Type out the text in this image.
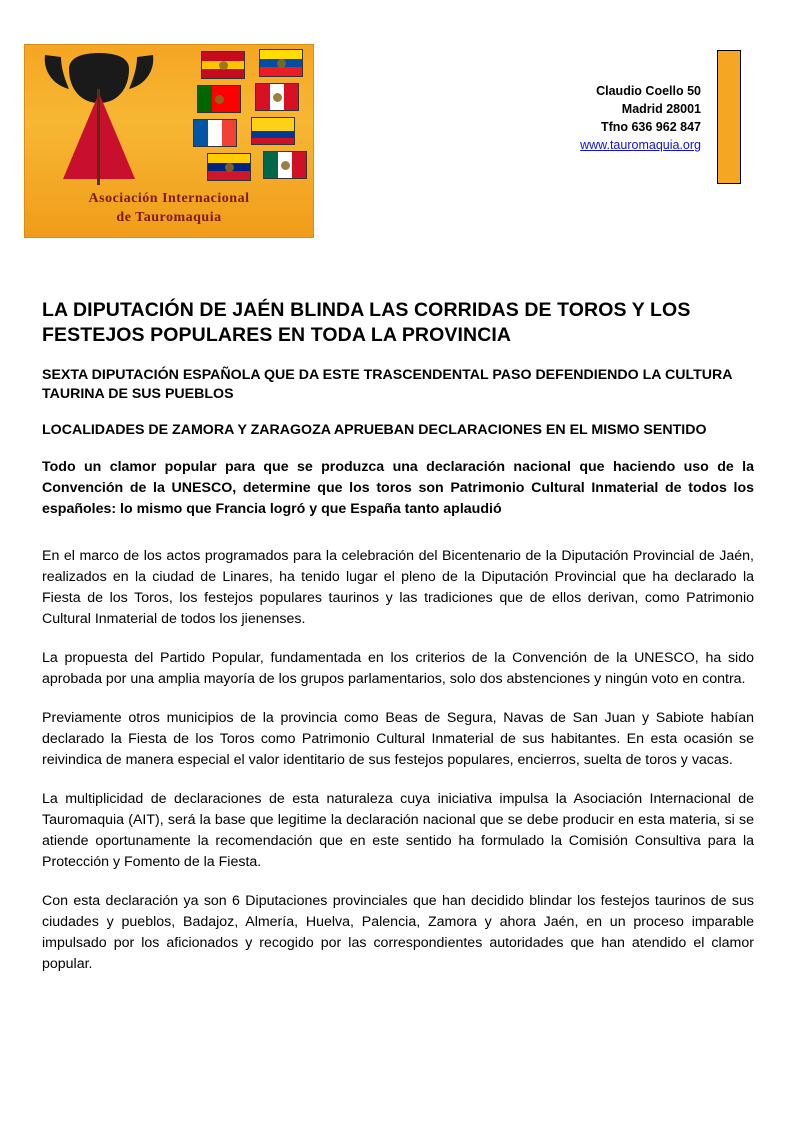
Asociación Internacional
de Tauromaquia
Claudio Coello 50
Madrid 28001
Tfno 636 962 847
www.tauromaquia.org
LA DIPUTACIÓN DE JAÉN BLINDA LAS CORRIDAS DE TOROS Y LOS FESTEJOS POPULARES EN TODA LA PROVINCIA

SEXTA DIPUTACIÓN ESPAÑOLA QUE DA ESTE TRASCENDENTAL PASO DEFENDIENDO LA CULTURA TAURINA DE SUS PUEBLOS

LOCALIDADES DE ZAMORA Y ZARAGOZA APRUEBAN DECLARACIONES EN EL MISMO SENTIDO

Todo un clamor popular para que se produzca una declaración nacional que haciendo uso de la Convención de la UNESCO, determine que los toros son Patrimonio Cultural Inmaterial de todos los españoles: lo mismo que Francia logró y que España tanto aplaudió

En el marco de los actos programados para la celebración del Bicentenario de la Diputación Provincial de Jaén, realizados en la ciudad de Linares, ha tenido lugar el pleno de la Diputación Provincial que ha declarado la Fiesta de los Toros, los festejos populares taurinos y las tradiciones que de ellos derivan, como Patrimonio Cultural Inmaterial de todos los jienenses.

La propuesta del Partido Popular, fundamentada en los criterios de la Convención de la UNESCO, ha sido aprobada por una amplia mayoría de los grupos parlamentarios, solo dos abstenciones y ningún voto en contra.

Previamente otros municipios de la provincia como Beas de Segura, Navas de San Juan y Sabiote habían declarado la Fiesta de los Toros como Patrimonio Cultural Inmaterial de sus habitantes. En esta ocasión se reivindica de manera especial el valor identitario de sus festejos populares, encierros, suelta de toros y vacas.

La multiplicidad de declaraciones de esta naturaleza cuya iniciativa impulsa la Asociación Internacional de Tauromaquia (AIT), será la base que legitime la declaración nacional que se debe producir en esta materia, si se atiende oportunamente la recomendación que en este sentido ha formulado la Comisión Consultiva para la Protección y Fomento de la Fiesta.

Con esta declaración ya son 6 Diputaciones provinciales que han decidido blindar los festejos taurinos de sus ciudades y pueblos, Badajoz, Almería, Huelva, Palencia, Zamora y ahora Jaén, en un proceso imparable impulsado por los aficionados y recogido por las correspondientes autoridades que han atendido el clamor popular.
